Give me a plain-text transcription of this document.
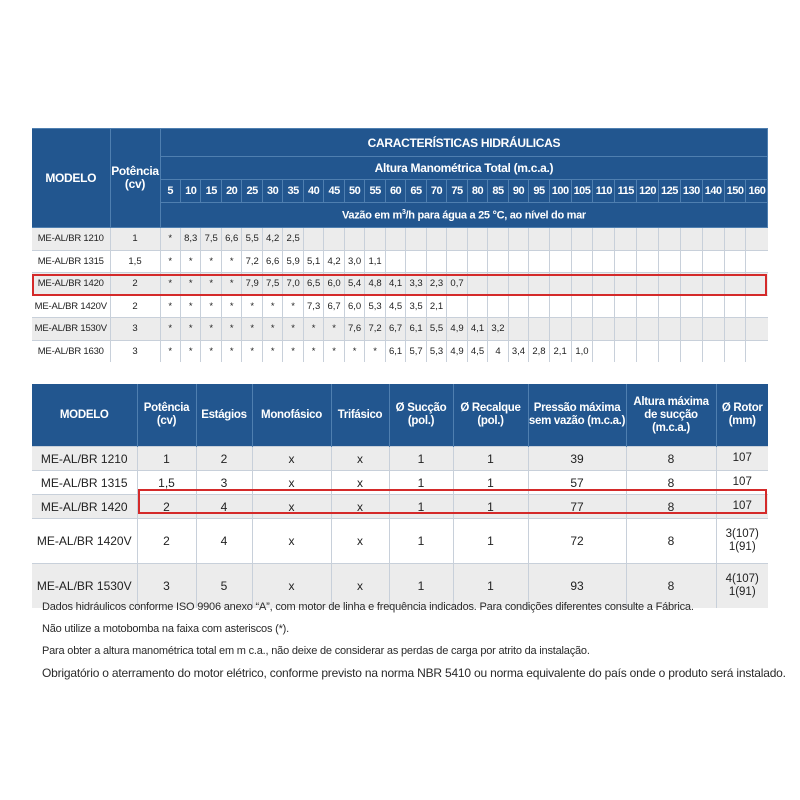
MODELO	Potência
(cv)	CARACTERÍSTICAS HIDRÁULICAS																												
		Altura Manométrica Total (m.c.a.)																												
		5	10	15	20	25	30	35	40	45	50	55	60	65	70	75	80	85	90	95	100	105	110	115	120	125	130	140	150	160
		Vazão em $m^3/h$ para água a 25 °C, ao nível do mar																												
ME-AL/BR 1210	1	*	8,3	7,5	6,6	5,5	4,2	2,5																						
ME-AL/BR 1315	1,5	*	*	*	*	7,2	6,6	5,9	5,1	4,2	3,0	1,1																		
ME-AL/BR 1420	2	*	*	*	*	7,9	7,5	7,0	6,5	6,0	5,4	4,8	4,1	3,3	2,3	0,7														
ME-AL/BR 1420V	2	*	*	*	*	*	*	*	7,3	6,7	6,0	5,3	4,5	3,5	2,1															
ME-AL/BR 1530V	3	*	*	*	*	*	*	*	*	*	7,6	7,2	6,7	6,1	5,5	4,9	4,1	3,2												
ME-AL/BR 1630	3	*	*	*	*	*	*	*	*	*	*	*	6,1	5,7	5,3	4,9	4,5	4	3,4	2,8	2,1	1,0								
MODELO	Potência (cv)	Estágios	Monofásico	Trifásico	Ø Sucção (pol.)	Ø Recalque (pol.)	Pressão máxima sem vazão (m.c.a.)	Altura máxima de sucção (m.c.a.)	Ø Rotor (mm)
ME-AL/BR 1210	1	2	x	x	1	1	39	8	107
ME-AL/BR 1315	1,5	3	x	x	1	1	57	8	107
ME-AL/BR 1420	2	4	x	x	1	1	77	8	107
ME-AL/BR 1420V	2	4	x	x	1	1	72	8	3(107)
1(91)
ME-AL/BR 1530V	3	5	x	x	1	1	93	8	4(107)
1(91)
Dados hidráulicos conforme ISO 9906 anexo “A”, com motor de linha e frequência indicados. Para condições diferentes consulte a Fábrica.
Não utilize a motobomba na faixa com asteriscos (*).
Para obter a altura manométrica total em m c.a., não deixe de considerar as perdas de carga por atrito da instalação.
Obrigatório o aterramento do motor elétrico, conforme previsto na norma NBR 5410 ou norma equivalente do país onde o produto será instalado.
